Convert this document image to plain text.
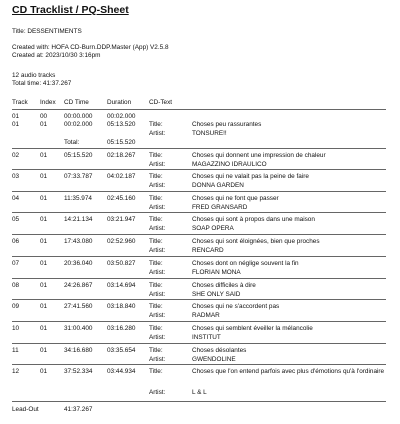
CD Tracklist / PQ-Sheet
Title: DESSENTIMENTS
Created with: HOFA CD-Burn.DDP.Master (App) V2.5.8
Created at: 2023/10/30 3:16pm
12 audio tracks
Total time: 41:37.267
Track Index CD Time	Duration	CD-Text
01	00	00:00.000 00:02.000
01	01	00:02.000 05:13.520 Title:	Choses peu rassurantes
Artist:	TONSURE!!
Total:	05:15.520
02	01	05:15.520 02:18.267 Title:	Choses qui donnent une impression de chaleur
Artist:	MAGAZZINO IDRAULICO
03	01	07:33.787 04:02.187 Title:	Choses qui ne valait pas la peine de faire
Artist:	DONNA GARDEN
04	01	11:35.974 02:45.160 Title:	Choses qui ne font que passer
Artist:	FRED GRANSARD
05	01	14:21.134 03:21.947 Title:	Choses qui sont à propos dans une maison
Artist:	SOAP OPERA
06	01	17:43.080 02:52.960 Title:	Choses qui sont éloignées, bien que proches
Artist:	RENCARD
07	01	20:36.040 03:50.827 Title:	Choses dont on néglige souvent la fin
Artist:	FLORIAN MONA
08	01	24:26.867 03:14.694 Title:	Choses difficiles à dire
Artist:	SHE ONLY SAID
09	01	27:41.560 03:18.840 Title:	Choses qui ne s'accordent pas
Artist:	RADMAR
10	01	31:00.400 03:16.280 Title:	Choses qui semblent éveiller la mélancolie
Artist:	INSTITUT
11	01	34:16.680 03:35.654 Title:	Choses désolantes
Artist:	GWENDOLINE
12	01	37:52.334 03:44.934 Title:	Choses que l'on entend parfois avec plus d'émotions qu'à l'ordinaire
Artist:	L & L
Lead-Out	41:37.267
